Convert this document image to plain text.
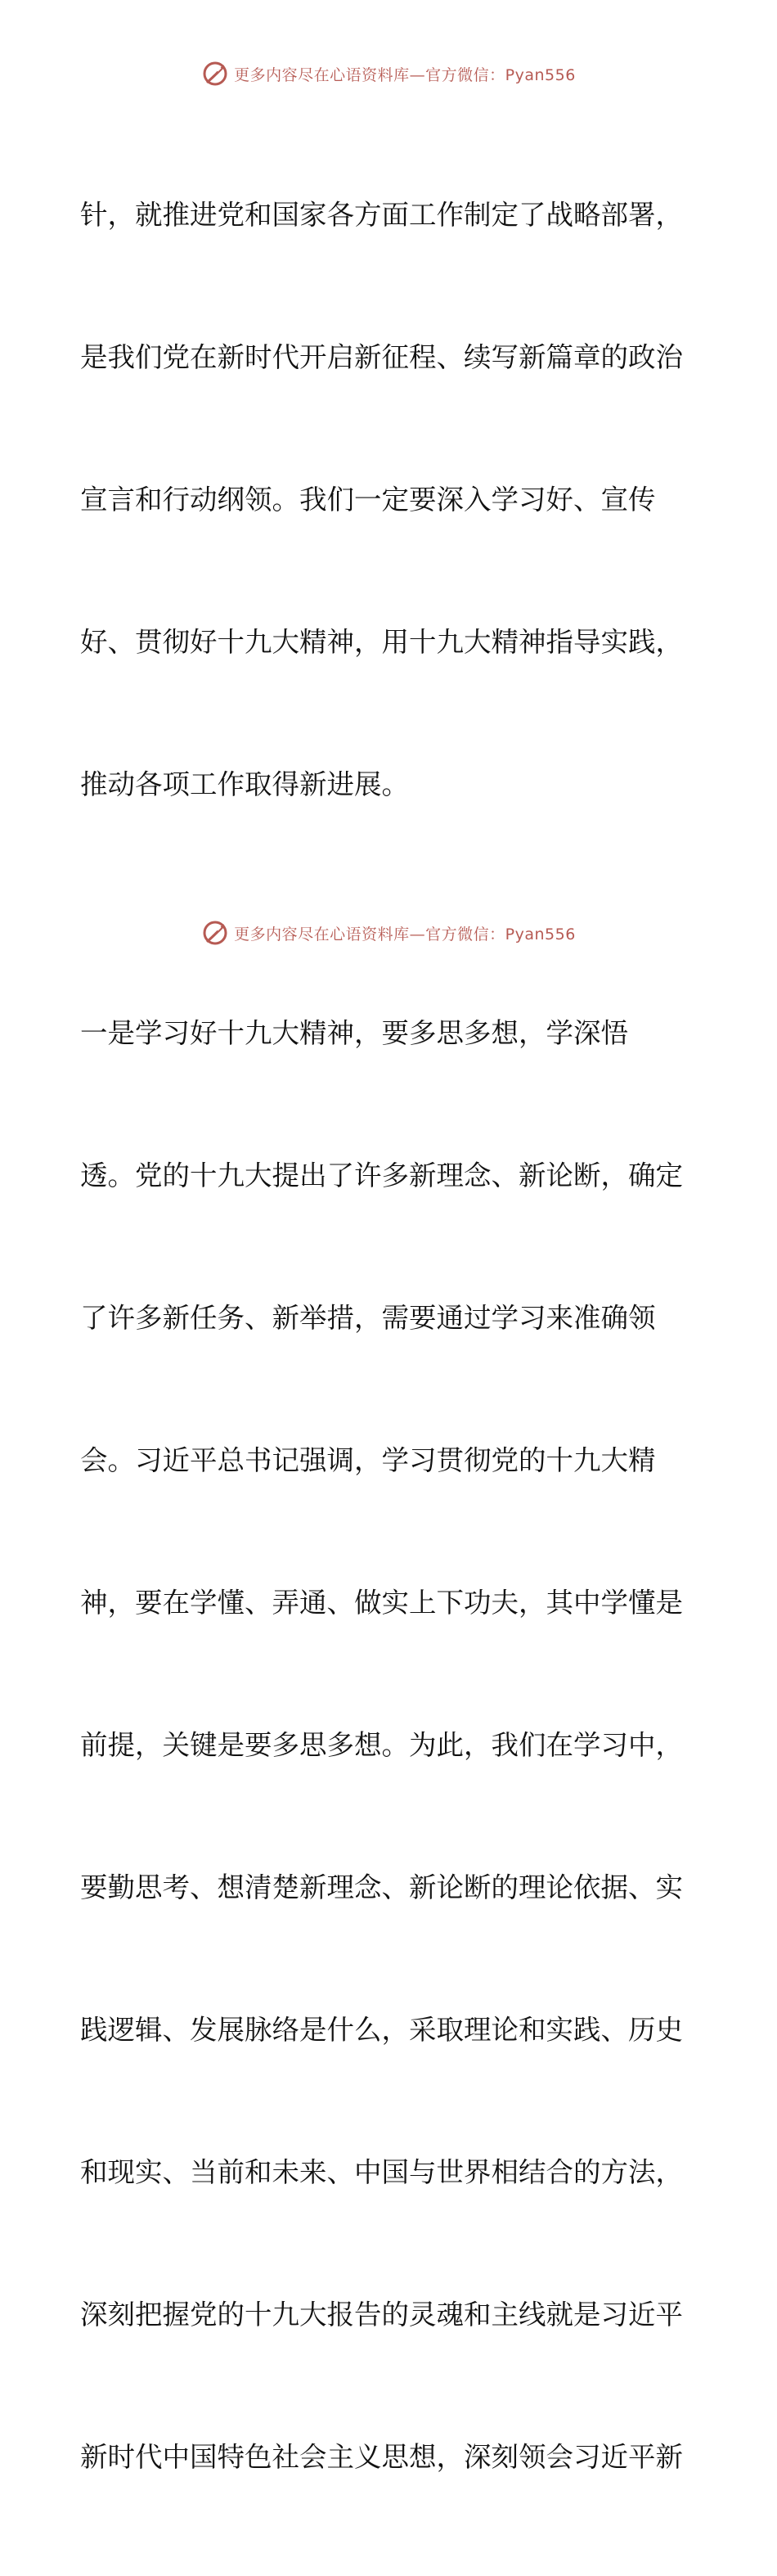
更多内容尽在心语资料库—官方微信：Pyan556

针，就推进党和国家各方面工作制定了战略部署，

是我们党在新时代开启新征程、续写新篇章的政治

宣言和行动纲领。我们一定要深入学习好、宣传

好、贯彻好十九大精神，用十九大精神指导实践，

推动各项工作取得新进展。

一是学习好十九大精神，要多思多想，学深悟

透。党的十九大提出了许多新理念、新论断，确定

了许多新任务、新举措，需要通过学习来准确领

会。习近平总书记强调，学习贯彻党的十九大精

神，要在学懂、弄通、做实上下功夫，其中学懂是

前提，关键是要多思多想。为此，我们在学习中，

要勤思考、想清楚新理念、新论断的理论依据、实

践逻辑、发展脉络是什么，采取理论和实践、历史

和现实、当前和未来、中国与世界相结合的方法，

深刻把握党的十九大报告的灵魂和主线就是习近平

新时代中国特色社会主义思想，深刻领会习近平新

更多内容尽在心语资料库—官方微信：Pyan556
